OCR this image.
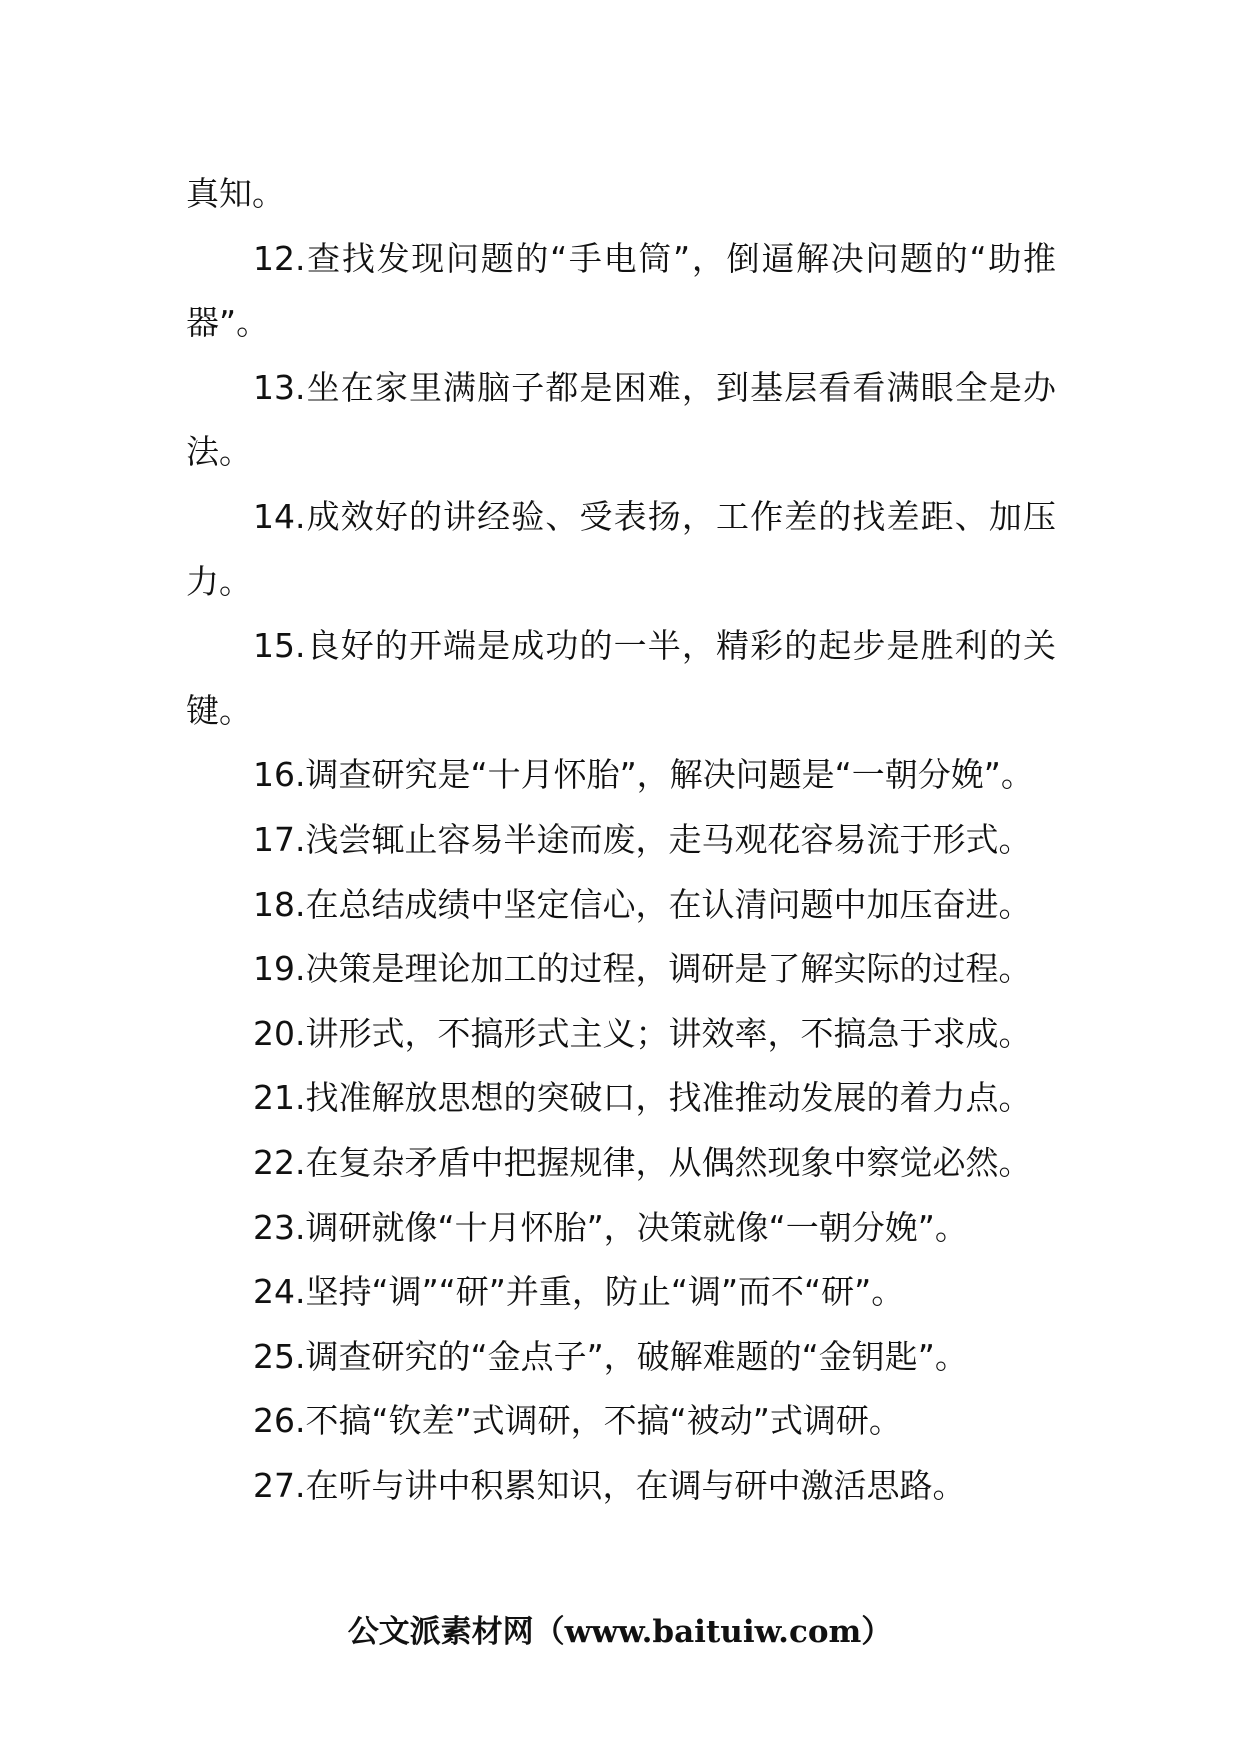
真知。

12.查找发现问题的“手电筒”，倒逼解决问题的“助推器”。

13.坐在家里满脑子都是困难，到基层看看满眼全是办法。

14.成效好的讲经验、受表扬，工作差的找差距、加压力。

15.良好的开端是成功的一半，精彩的起步是胜利的关键。

16.调查研究是“十月怀胎”，解决问题是“一朝分娩”。

17.浅尝辄止容易半途而废，走马观花容易流于形式。

18.在总结成绩中坚定信心，在认清问题中加压奋进。

19.决策是理论加工的过程，调研是了解实际的过程。

20.讲形式，不搞形式主义；讲效率，不搞急于求成。

21.找准解放思想的突破口，找准推动发展的着力点。

22.在复杂矛盾中把握规律，从偶然现象中察觉必然。

23.调研就像“十月怀胎”，决策就像“一朝分娩”。

24.坚持“调”“研”并重，防止“调”而不“研”。

25.调查研究的“金点子”，破解难题的“金钥匙”。

26.不搞“钦差”式调研，不搞“被动”式调研。

27.在听与讲中积累知识，在调与研中激活思路。

公文派素材网（www.baituiw.com）
